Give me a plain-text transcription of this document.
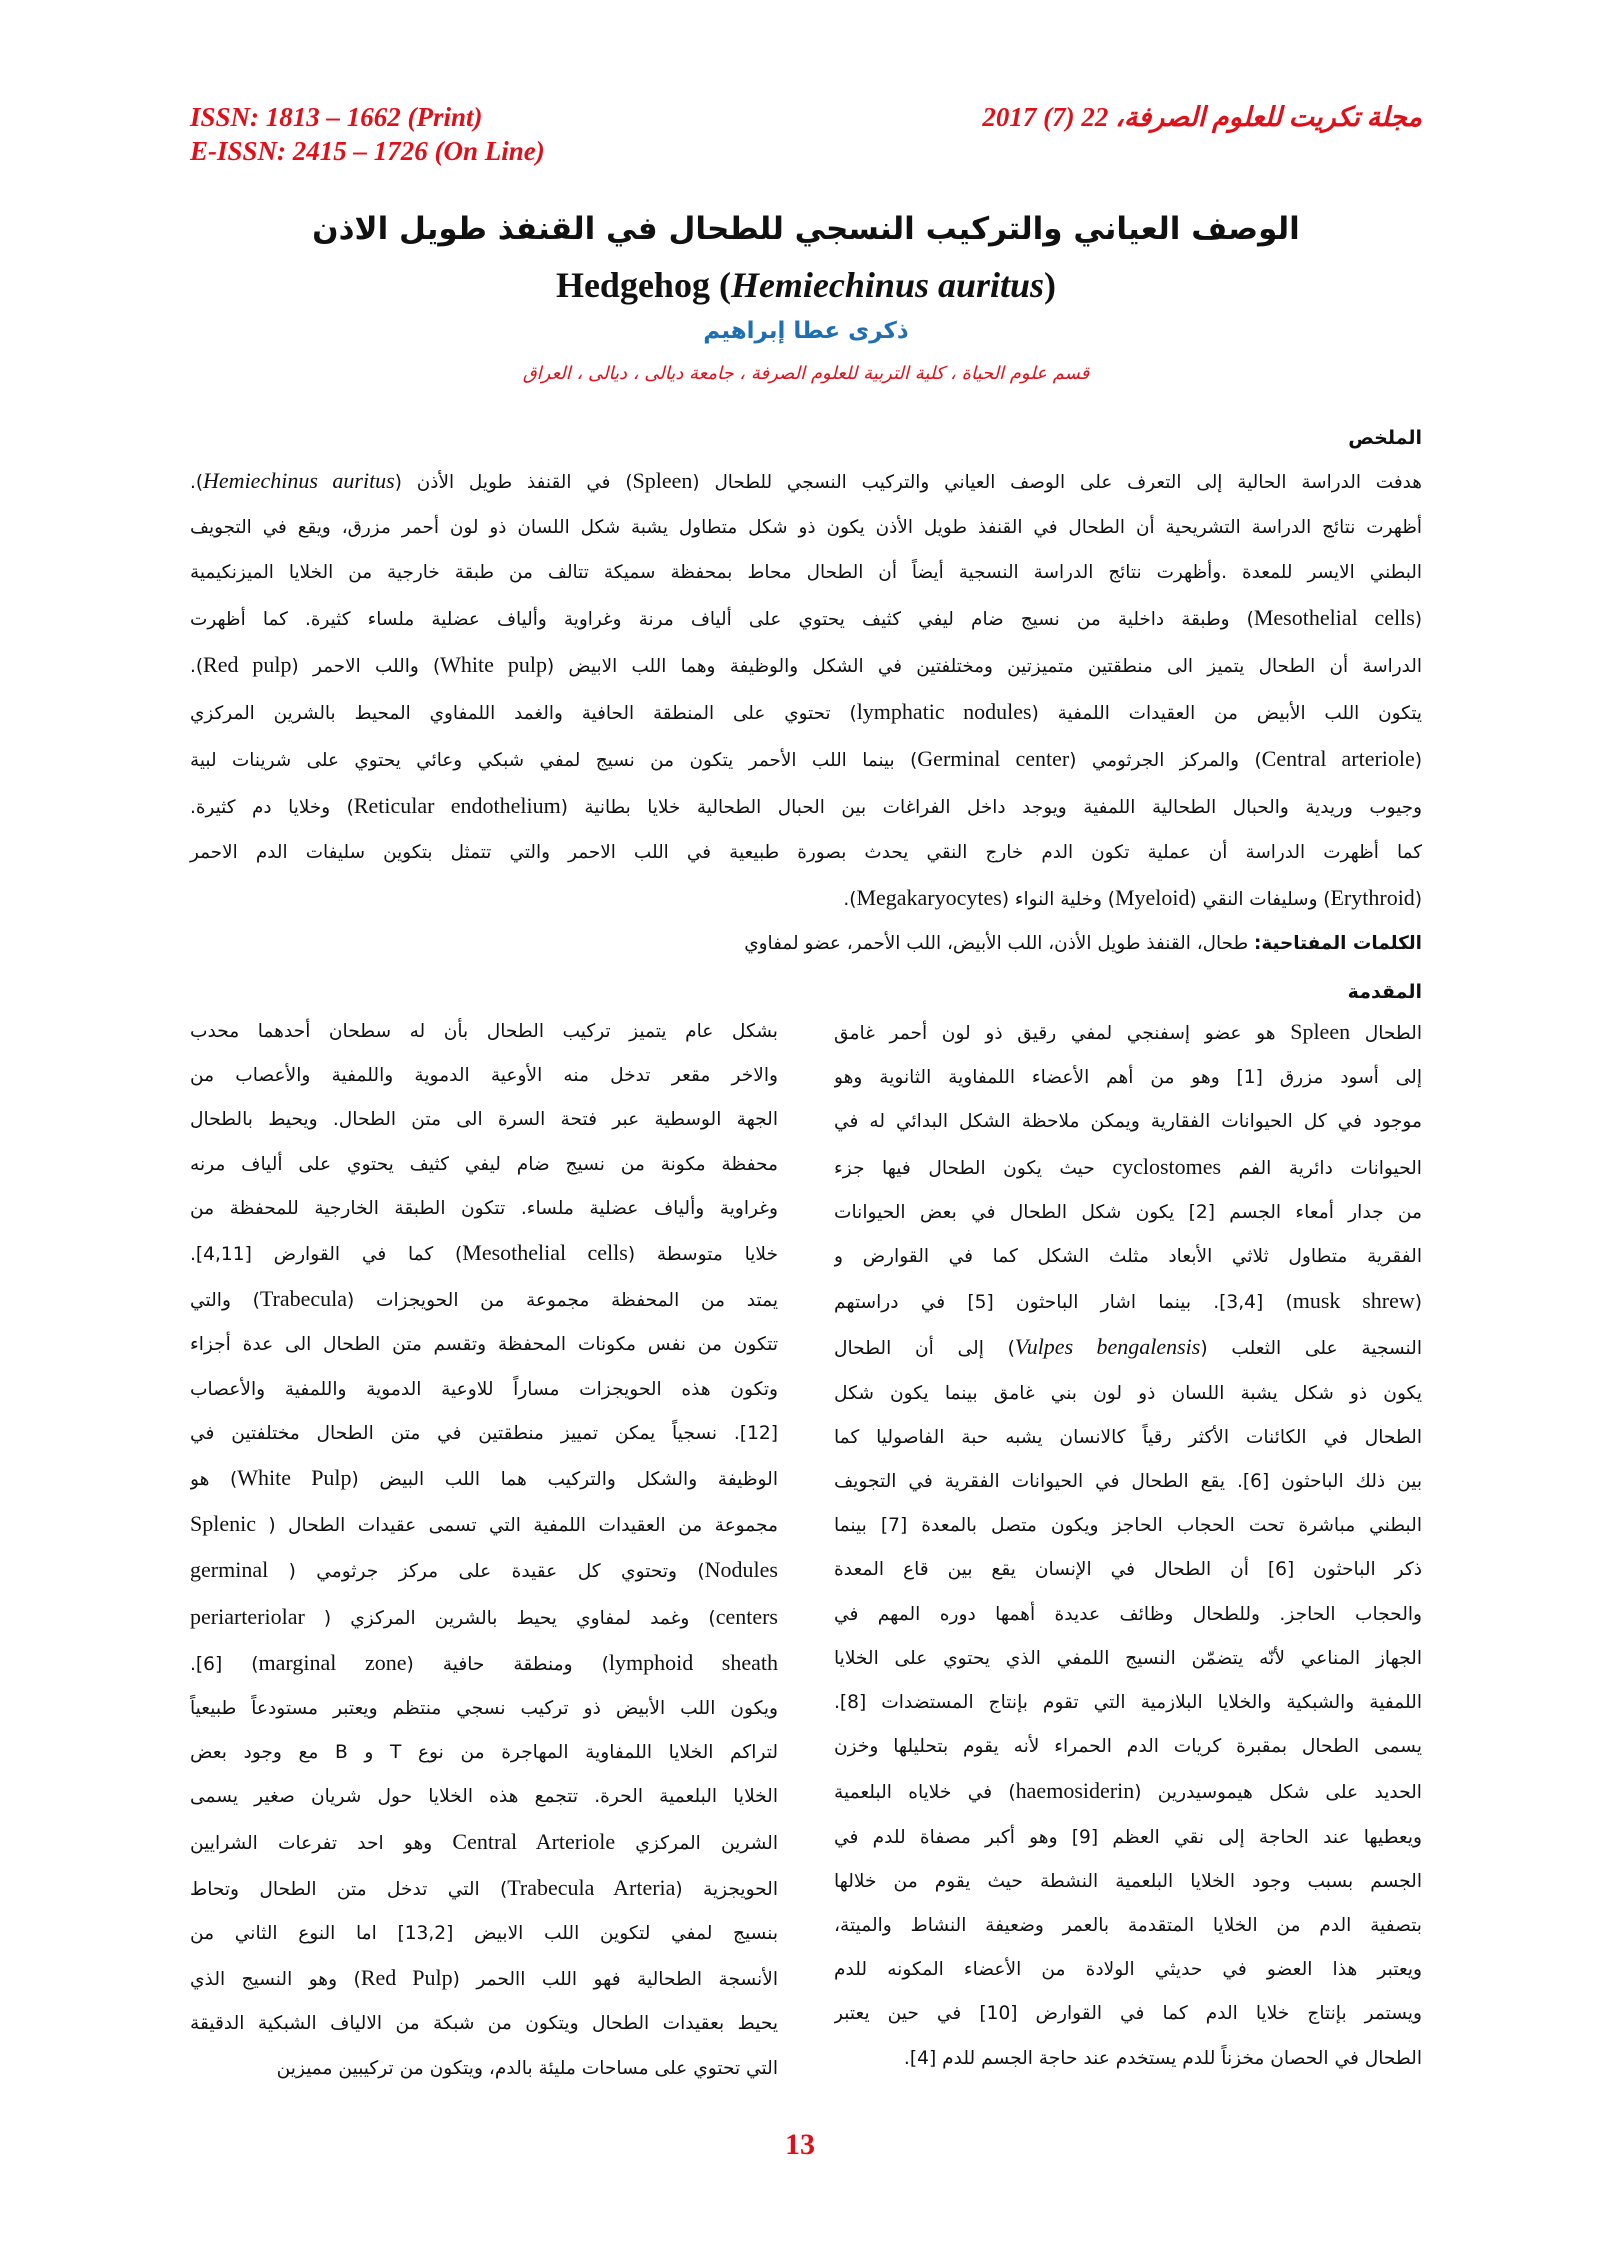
ISSN: 1813 – 1662 (Print)
E-ISSN: 2415 – 1726 (On Line)
مجلة تكريت للعلوم الصرفة، 22 (7) 2017
الوصف العياني والتركيب النسجي للطحال في القنفذ طويل الاذن
Hedgehog (Hemiechinus auritus)
ذكرى عطا إبراهيم
قسم علوم الحياة ، كلية التربية للعلوم الصرفة ، جامعة ديالى ، ديالى ، العراق
الملخص

هدفت الدراسة الحالية إلى التعرف على الوصف العياني والتركيب النسجي للطحال (Spleen) في القنفذ طويل الأذن (Hemiechinus auritus).

أظهرت نتائج الدراسة التشريحية أن الطحال في القنفذ طويل الأذن يكون ذو شكل متطاول يشبة شكل اللسان ذو لون أحمر مزرق، ويقع في التجويف

البطني الايسر للمعدة .وأظهرت نتائج الدراسة النسجية أيضاً أن الطحال محاط بمحفظة سميكة تتالف من طبقة خارجية من الخلايا الميزنكيمية

(Mesothelial cells) وطبقة داخلية من نسيج ضام ليفي كثيف يحتوي على ألياف مرنة وغراوية وألياف عضلية ملساء كثيرة. كما أظهرت

الدراسة أن الطحال يتميز الى منطقتين متميزتين ومختلفتين في الشكل والوظيفة وهما اللب الابيض (White pulp) واللب الاحمر (Red pulp).

يتكون اللب الأبيض من العقيدات اللمفية (lymphatic nodules) تحتوي على المنطقة الحافية والغمد اللمفاوي المحيط بالشرين المركزي

(Central arteriole) والمركز الجرثومي (Germinal center) بينما اللب الأحمر يتكون من نسيج لمفي شبكي وعائي يحتوي على شرينات لبية

وجيوب وريدية والحبال الطحالية اللمفية ويوجد داخل الفراغات بين الحبال الطحالية خلايا بطانية (Reticular endothelium) وخلايا دم كثيرة.

كما أظهرت الدراسة أن عملية تكون الدم خارج النقي يحدث بصورة طبيعية في اللب الاحمر والتي تتمثل بتكوين سليفات الدم الاحمر

(Erythroid) وسليفات النقي (Myeloid) وخلية النواء (Megakaryocytes).

الكلمات المفتاحية: طحال، القنفذ طويل الأذن، اللب الأبيض، اللب الأحمر، عضو لمفاوي
المقدمة
الطحال Spleen هو عضو إسفنجي لمفي رقيق ذو لون أحمر غامق
إلى أسود مزرق [1] وهو من أهم الأعضاء اللمفاوية الثانوية وهو
موجود في كل الحيوانات الفقارية ويمكن ملاحظة الشكل البدائي له في
الحيوانات دائرية الفم cyclostomes حيث يكون الطحال فيها جزء
من جدار أمعاء الجسم [2] يكون شكل الطحال في بعض الحيوانات
الفقرية متطاول ثلاثي الأبعاد مثلث الشكل كما في القوارض و
(musk shrew) [3,4]. بينما اشار الباحثون [5] في دراستهم
النسجية على الثعلب (Vulpes bengalensis) إلى أن الطحال
يكون ذو شكل يشبة اللسان ذو لون بني غامق بينما يكون شكل
الطحال في الكائنات الأكثر رقياً كالانسان يشبه حبة الفاصوليا كما
بين ذلك الباحثون [6]. يقع الطحال في الحيوانات الفقرية في التجويف
البطني مباشرة تحت الحجاب الحاجز ويكون متصل بالمعدة [7] بينما
ذكر الباحثون [6] أن الطحال في الإنسان يقع بين قاع المعدة
والحجاب الحاجز. وللطحال وظائف عديدة أهمها دوره المهم في
الجهاز المناعي لأنّه يتضمّن النسيج اللمفي الذي يحتوي على الخلايا
اللمفية والشبكية والخلايا البلازمية التي تقوم بإنتاج المستضدات [8].
يسمى الطحال بمقبرة كريات الدم الحمراء لأنه يقوم بتحليلها وخزن
الحديد على شكل هيموسيدرين (haemosiderin) في خلاياه البلعمية
ويعطيها عند الحاجة إلى نقي العظم [9] وهو أكبر مصفاة للدم في
الجسم بسبب وجود الخلايا البلعمية النشطة حيث يقوم من خلالها
بتصفية الدم من الخلايا المتقدمة بالعمر وضعيفة النشاط والميتة،
ويعتبر هذا العضو في حديثي الولادة من الأعضاء المكونه للدم
ويستمر بإنتاج خلايا الدم كما في القوارض [10] في حين يعتبر
الطحال في الحصان مخزناً للدم يستخدم عند حاجة الجسم للدم [4].
بشكل عام يتميز تركيب الطحال بأن له سطحان أحدهما محدب
والاخر مقعر تدخل منه الأوعية الدموية واللمفية والأعصاب من
الجهة الوسطية عبر فتحة السرة الى متن الطحال. ويحيط بالطحال
محفظة مكونة من نسيج ضام ليفي كثيف يحتوي على ألياف مرنه
وغراوية وألياف عضلية ملساء. تتكون الطبقة الخارجية للمحفظة من
خلايا متوسطة (Mesothelial cells) كما في القوارض [4,11].
يمتد من المحفظة مجموعة من الحويجزات (Trabecula) والتي
تتكون من نفس مكونات المحفظة وتقسم متن الطحال الى عدة أجزاء
وتكون هذه الحويجزات مساراً للاوعية الدموية واللمفية والأعصاب
[12]. نسجياً يمكن تمييز منطقتين في متن الطحال مختلفتين في
الوظيفة والشكل والتركيب هما اللب البيض (White Pulp) هو
مجموعة من العقيدات اللمفية التي تسمى عقيدات الطحال ( Splenic
Nodules) وتحتوي كل عقيدة على مركز جرثومي ( germinal
centers) وغمد لمفاوي يحيط بالشرين المركزي ( periarteriolar
lymphoid sheath) ومنطقة حافية (marginal zone) [6].
ويكون اللب الأبيض ذو تركيب نسجي منتظم ويعتبر مستودعاً طبيعياً
لتراكم الخلايا اللمفاوية المهاجرة من نوع T و B مع وجود بعض
الخلايا البلعمية الحرة. تتجمع هذه الخلايا حول شريان صغير يسمى
الشرين المركزي Central Arteriole وهو احد تفرعات الشرايين
الحويجزية (Trabecula Arteria) التي تدخل متن الطحال وتحاط
بنسيج لمفي لتكوين اللب الابيض [13,2] اما النوع الثاني من
الأنسجة الطحالية فهو اللب االحمر (Red Pulp) وهو النسيج الذي
يحيط بعقيدات الطحال ويتكون من شبكة من الالياف الشبكية الدقيقة
التي تحتوي على مساحات مليئة بالدم، ويتكون من تركيبين مميزين
13
